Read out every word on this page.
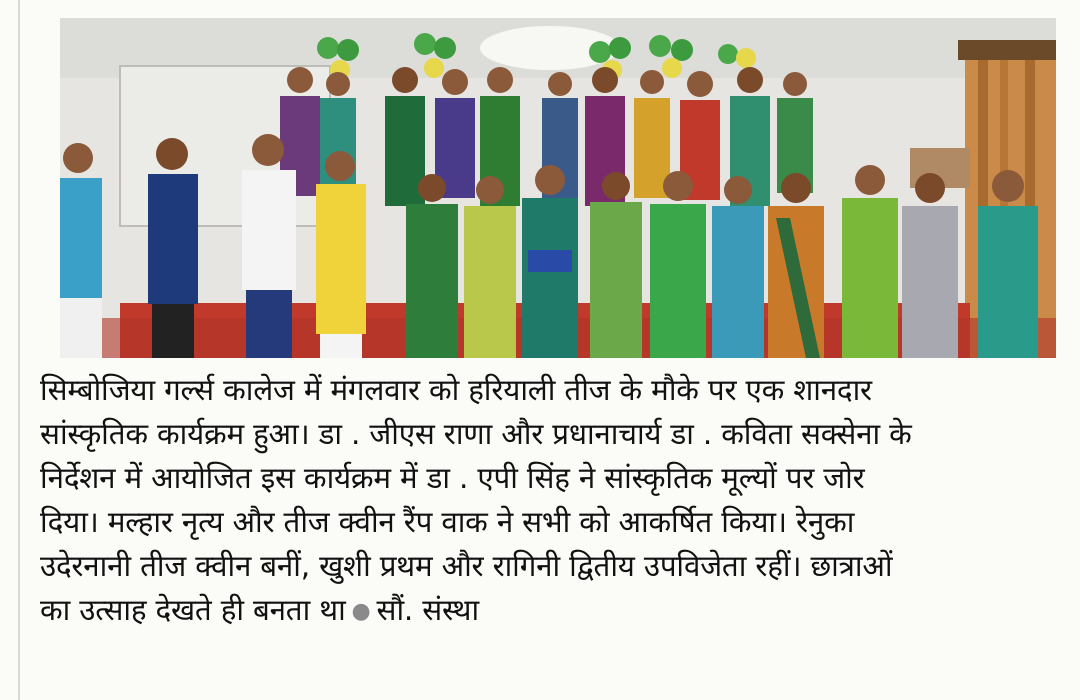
सिम्बोजिया गर्ल्स कालेज में मंगलवार को हरियाली तीज के मौके पर एक शानदार
सांस्कृतिक कार्यक्रम हुआ। डा . जीएस राणा और प्रधानाचार्य डा . कविता सक्सेना के
निर्देशन में आयोजित इस कार्यक्रम में डा . एपी सिंह ने सांस्कृतिक मूल्यों पर जोर
दिया। मल्हार नृत्य और तीज क्वीन रैंप वाक ने सभी को आकर्षित किया। रेनुका
उदेरनानी तीज क्वीन बनीं, खुशी प्रथम और रागिनी द्वितीय उपविजेता रहीं। छात्राओं
का उत्साह देखते ही बनता था ● सौं. संस्था
